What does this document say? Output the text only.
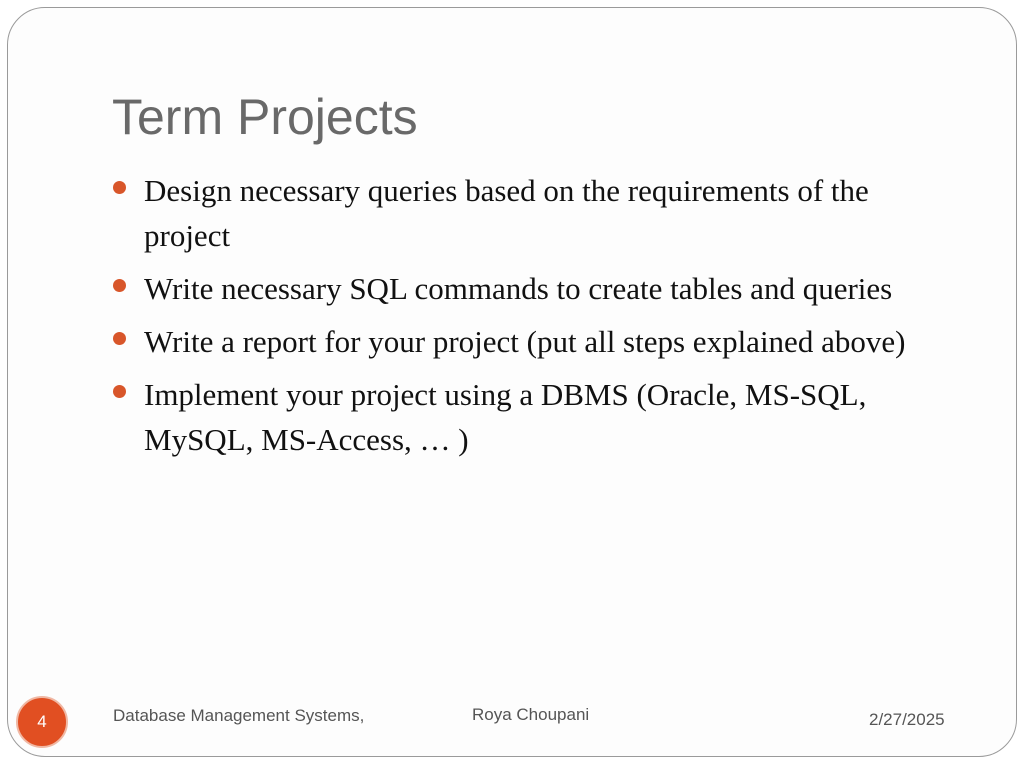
Term Projects
Design necessary queries based on the requirements of the project
Write necessary SQL commands to create tables and queries
Write a report for your project (put all steps explained above)
Implement your project using a DBMS (Oracle, MS-SQL, MySQL, MS-Access, … )
4	Database Management Systems,	Roya Choupani	2/27/2025
